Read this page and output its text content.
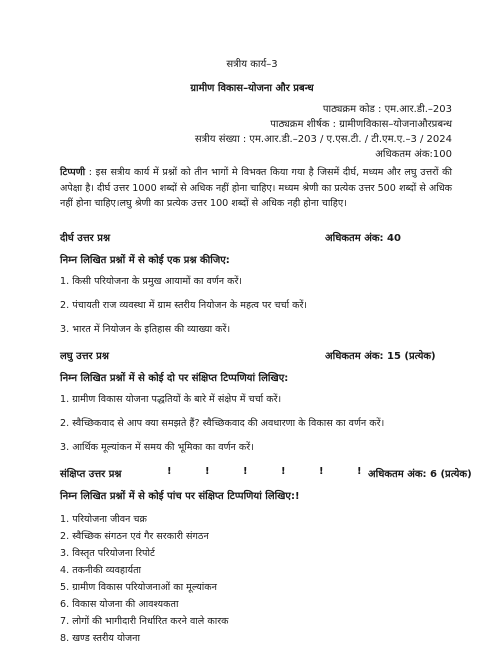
सत्रीय कार्य–3
ग्रामीण विकास–योजना और प्रबन्ध
पाठ्यक्रम कोड : एम.आर.डी.–203
पाठ्यक्रम शीर्षक : ग्रामीणविकास–योजनाऔरप्रबन्ध
सत्रीय संख्या : एम.आर.डी.–203 / ए.एस.टी. / टी.एम.ए.–3 / 2024
अधिकतम अंक:100
टिप्पणी : इस सत्रीय कार्य में प्रश्नों को तीन भागों मे विभक्त किया गया है जिसमें दीर्घ, मध्यम और लघु उत्तरों की अपेक्षा है। दीर्घ उत्तर 1000 शब्दों से अधिक नहीं होना चाहिए। मध्यम श्रेणी का प्रत्येक उत्तर 500 शब्दों से अधिक नहीं होना चाहिए।लघु श्रेणी का प्रत्येक उत्तर 100 शब्दों से अधिक नही होना चाहिए।
दीर्घ उत्तर प्रश्न	अधिकतम अंक: 40
निम्न लिखित प्रश्नों में से कोई एक प्रश्न कीजिए:
1. किसी परियोजना के प्रमुख आयामों का वर्णन करें।
2. पंचायती राज व्यवस्था में ग्राम स्तरीय नियोजन के महत्व पर चर्चा करें।
3. भारत में नियोजन के इतिहास की व्याख्या करें।
लघु उत्तर प्रश्न	अधिकतम अंक: 15 (प्रत्येक)
निम्न लिखित प्रश्नों में से कोई दो पर संक्षिप्त टिप्पणियां लिखिए:
1. ग्रामीण विकास योजना पद्धतियों के बारे में संक्षेप में चर्चा करें।
2. स्वैच्छिकवाद से आप क्या समझते हैं? स्वैच्छिकवाद की अवधारणा के विकास का वर्णन करें।
3. आर्थिक मूल्यांकन में समय की भूमिका का वर्णन करें।
संक्षिप्त उत्तर प्रश्न	!	!	!	!	!	! अधिकतम अंक: 6 (प्रत्येक)
निम्न लिखित प्रश्नों में से कोई पांच पर संक्षिप्त टिप्पणियां लिखिए:!
1. परियोजना जीवन चक्र
2. स्वैच्छिक संगठन एवं गैर सरकारी संगठन
3. विस्तृत परियोजना रिपोर्ट
4. तकनीकी व्यवहार्यता
5. ग्रामीण विकास परियोजनाओं का मूल्यांकन
6. विकास योजना की आवश्यकता
7. लोगों की भागीदारी निर्धारित करने वाले कारक
8. खण्ड स्तरीय योजना
